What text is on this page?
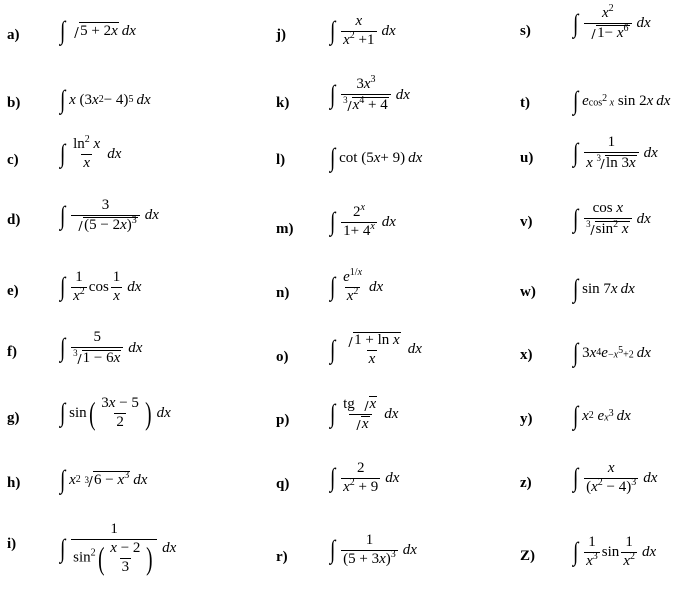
a)
b)
c)
d)
e)
f)
g)
h)
i)
j)
k)
l)
m)
n)
o)
p)
q)
r)
s)
t)
u)
v)
w)
x)
y)
z)
Z)
∫ 5 + 2x dx
∫ x (3 x 2 − 4) 5 dx
∫ $\frac{\ln^2 x}{x}$ dx
∫ $\frac{3}{(5 - 2x)^3}$ dx
∫ $\frac{1}{x^2}$ $\cos \frac{1}{x}$ dx
∫ $\frac{5}{^3 1 - 6x}$ dx
∫ sin ( $\frac{3x - 5}{2}$ ) dx
∫ x 2
3 $6 - x^3$ dx
∫ $\frac{1}{\sin^2( \frac{x - 2}{3} )}$ dx
∫ $\frac{x}{x^2 +1}$ dx
∫ $\frac{3x^3}{^3 x^4 + 4}$ dx
∫ cot (5 x + 9) dx
∫ $\frac{2^x}{1+ 4^x}$ dx
∫ $\frac{e^{1/x}}{x^2}$ dx
∫ $\frac{\text{1 + ln x}}{x}$ dx
∫ $\frac{\text{tg x}}{x}$ dx
∫ $\frac{2}{x^2 + 9}$ dx
∫ $\frac{1}{(5 + 3x)^3}$ dx
∫ $\frac{x^2}{1- x^6}$ dx
∫ e $\cos^2 x$ sin 2 x dx
∫ $\frac{1}{x ^3 \ln 3x}$ dx
∫ $\frac{\text{cos x}}{^3 \sin^2 x}$ dx
∫ sin 7 x dx
∫ 3 x 4 $e -x^5+2$ dx
∫ x 2
e $x^3$ dx
∫ $\frac{x}{(x^2 - 4)^3}$ dx
∫ $\frac{1}{x^3}$ $\sin \frac{1}{x^2}$ dx
